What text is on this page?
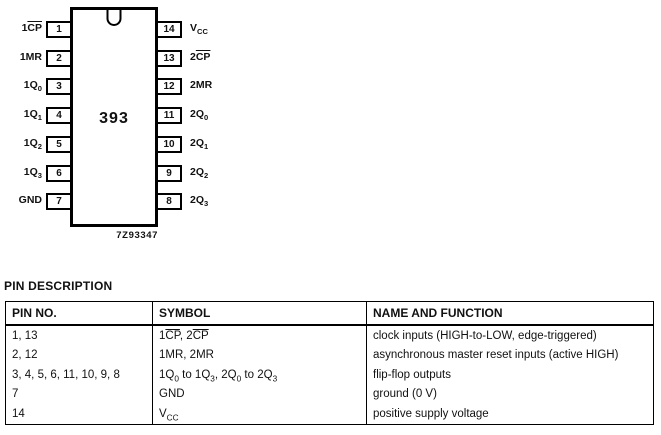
393
1
$1\overline{CP}$
2
1MR
3
$1Q_0$
4
$1Q_1$
5
$1Q_2$
6
$1Q_3$
7
GND
14	$V_{CC}$
13	$2\overline{CP}$
12	2MR
11	$2Q_0$
10	$2Q_1$
9	$2Q_2$
8	$2Q_3$
7Z93347
PIN DESCRIPTION
PIN NO.	SYMBOL	NAME AND FUNCTION
1, 13	$1\overline{CP}$, $2\overline{CP}$	clock inputs (HIGH-to-LOW, edge-triggered)
2, 12	1MR, 2MR	asynchronous master reset inputs (active HIGH)
3, 4, 5, 6, 11, 10, 9, 8	$1Q_0$ to $1Q_3$, $2Q_0$ to $2Q_3$	flip-flop outputs
7	GND	ground (0 V)
14	$V_{CC}$	positive supply voltage
